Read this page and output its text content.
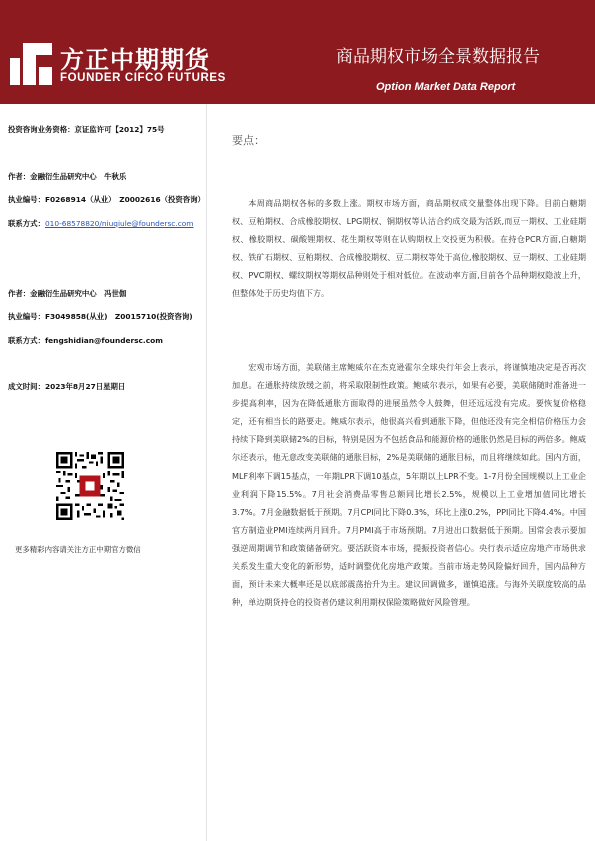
方正中期期货
FOUNDER CIFCO FUTURES
商品期权市场全景数据报告
Option Market Data Report
投资咨询业务资格：京证监许可【2012】75号
作者：金融衍生品研究中心　牛秋乐
执业编号：F0268914（从业）　Z0002616（投资咨询）
联系方式：010-68578820/niuqiule@foundersc.com
作者：金融衍生品研究中心　冯世伽
执业编号：F3049858(从业)　Z0015710(投资咨询)
联系方式：fengshidian@foundersc.com
成文时间：2023年8月27日星期日
更多精彩内容请关注方正中期官方微信
要点：

本周商品期权各标的多数上涨。期权市场方面，商品期权成交量整体出现下降。目前白糖期权、豆粕期权、合成橡胶期权、LPG期权、铜期权等认沽合约成交最为活跃,而豆一期权、工业硅期权、橡胶期权、碳酸锂期权、花生期权等则在认购期权上交投更为积极。在持仓PCR方面,白糖期权、铁矿石期权、豆粕期权、合成橡胶期权、豆二期权等处于高位,橡胶期权、豆一期权、工业硅期权、PVC期权、螺纹期权等期权品种则处于相对低位。在波动率方面,目前各个品种期权隐波上升，但整体处于历史均值下方。

宏观市场方面，美联储主席鲍威尔在杰克逊霍尔全球央行年会上表示，将谨慎地决定是否再次加息。在通胀持续放缓之前，将采取限制性政策。鲍威尔表示，如果有必要，美联储随时准备进一步提高利率，因为在降低通胀方面取得的进展虽然令人鼓舞，但还远远没有完成。要恢复价格稳定，还有相当长的路要走。鲍威尔表示，他很高兴看到通胀下降，但他还没有完全相信价格压力会持续下降到美联储2%的目标，特别是因为不包括食品和能源价格的通胀仍然是目标的两倍多。鲍威尔还表示，他无意改变美联储的通胀目标，2%是美联储的通胀目标，而且将继续如此。国内方面，MLF利率下调15基点，一年期LPR下调10基点，5年期以上LPR不变。1-7月份全国规模以上工业企业利润下降15.5%。7月社会消费品零售总额同比增长2.5%，规模以上工业增加值同比增长3.7%。7月金融数据低于预期。7月CPI同比下降0.3%，环比上涨0.2%，PPI同比下降4.4%。中国官方制造业PMI连续两月回升。7月PMI高于市场预期。7月进出口数据低于预期。国常会表示要加强逆周期调节和政策储备研究。要活跃资本市场，提振投资者信心。央行表示适应房地产市场供求关系发生重大变化的新形势，适时调整优化房地产政策。当前市场走势风险偏好回升，国内品种方面，预计未来大概率还是以底部震荡抬升为主。建议回调做多，谨慎追涨。与海外关联度较高的品种，单边期货持仓的投资者仍建议利用期权保险策略做好风险管理。
